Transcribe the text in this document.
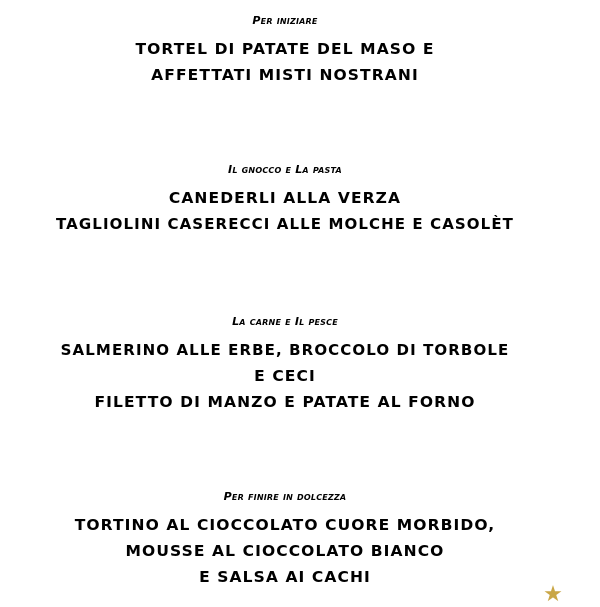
Per iniziare
TORTEL DI PATATE DEL MASO E
AFFETTATI MISTI NOSTRANI
Il gnocco e La pasta
CANEDERLI ALLA VERZA
TAGLIOLINI CASERECCI ALLE MOLCHE E CASOLÈT
La carne e Il pesce
SALMERINO ALLE ERBE, BROCCOLO DI TORBOLE
E CECI
FILETTO DI MANZO E PATATE AL FORNO
Per finire in dolcezza
TORTINO AL CIOCCOLATO CUORE MORBIDO,
MOUSSE AL CIOCCOLATO BIANCO
E SALSA AI CACHI
★
